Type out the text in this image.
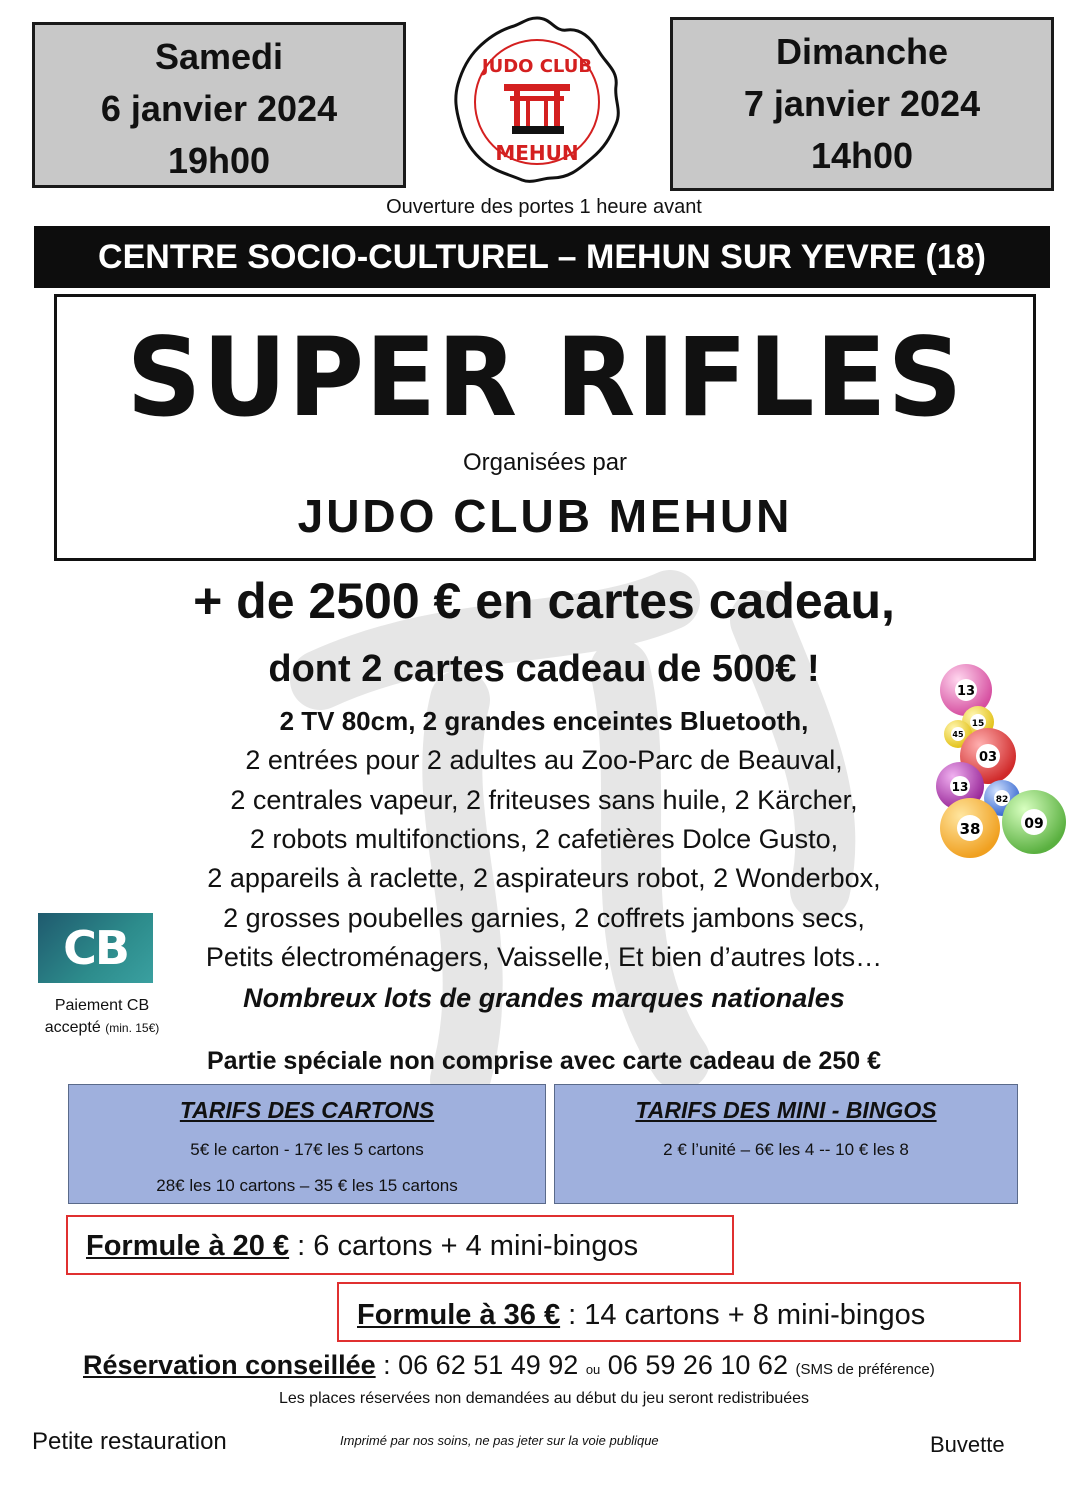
Samedi
6 janvier 2024
19h00
JUDO CLUB
MEHUN
Dimanche
7 janvier 2024
14h00
Ouverture des portes 1 heure avant
CENTRE SOCIO-CULTUREL – MEHUN SUR YEVRE (18)
SUPER RIFLES
Organisées par
JUDO CLUB MEHUN
+ de 2500 € en cartes cadeau,
dont 2 cartes cadeau de 500€ !
2 TV 80cm, 2 grandes enceintes Bluetooth,
2 entrées pour 2 adultes au Zoo-Parc de Beauval,
2 centrales vapeur, 2 friteuses sans huile, 2 Kärcher,
2 robots multifonctions, 2 cafetières Dolce Gusto,
2 appareils à raclette, 2 aspirateurs robot, 2 Wonderbox,
2 grosses poubelles garnies, 2 coffrets jambons secs,
Petits électroménagers, Vaisselle, Et bien d’autres lots…
Nombreux lots de grandes marques nationales
13
15
45
03
13
82
38	09
CB
Paiement CB
accepté (min. 15€)
Partie spéciale non comprise avec carte cadeau de 250 €
TARIFS DES CARTONS
5€ le carton - 17€ les 5 cartons
28€ les 10 cartons – 35 € les 15 cartons
TARIFS DES MINI - BINGOS
2 € l’unité – 6€ les 4 -- 10 € les 8
Formule à 20 € : 6 cartons + 4 mini-bingos
Formule à 36 € : 14 cartons + 8 mini-bingos
Réservation conseillée : 06 62 51 49 92 ou 06 59 26 10 62 (SMS de préférence)
Les places réservées non demandées au début du jeu seront redistribuées
Petite restauration	Imprimé par nos soins, ne pas jeter sur la voie publique	Buvette
